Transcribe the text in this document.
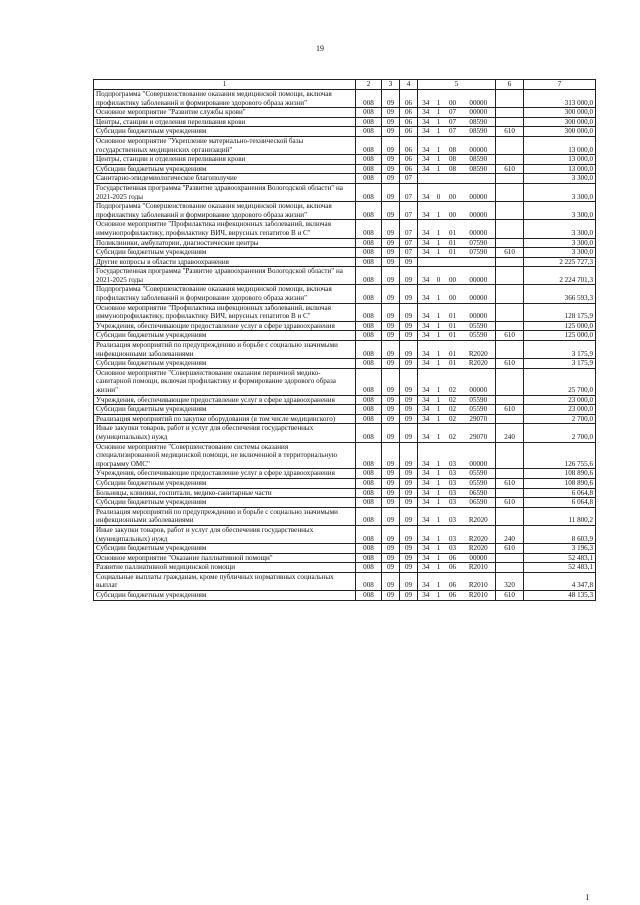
19
1	2	3	4	5				6	7
Подпрограмма "Совершенствование оказания медицинской помощи, включая профилактику заболеваний и формирование здорового образа жизни"	008	09	06	34	1	00	00000		313 000,0
Основное мероприятие "Развитие службы крови"	008	09	06	34	1	07	00000		300 000,0
Центры, станции и отделения переливания крови	008	09	06	34	1	07	08590		300 000,0
Субсидии бюджетным учреждениям	008	09	06	34	1	07	08590	610	300 000,0
Основное мероприятие "Укрепление материально-технической базы государственных медицинских организаций"	008	09	06	34	1	08	00000		13 000,0
Центры, станции и отделения переливания крови	008	09	06	34	1	08	08590		13 000,0
Субсидии бюджетным учреждениям	008	09	06	34	1	08	08590	610	13 000,0
Санитарно-эпидемиологическое благополучие	008	09	07						3 300,0
Государственная программа "Развитие здравоохранения Вологодской области" на 2021-2025 годы	008	09	07	34	0	00	00000		3 300,0
Подпрограмма "Совершенствование оказания медицинской помощи, включая профилактику заболеваний и формирование здорового образа жизни"	008	09	07	34	1	00	00000		3 300,0
Основное мероприятие "Профилактика инфекционных заболеваний, включая иммунопрофилактику, профилактику ВИЧ, вирусных гепатитов В и С"	008	09	07	34	1	01	00000		3 300,0
Поликлиники, амбулатории, диагностические центры	008	09	07	34	1	01	07590		3 300,0
Субсидии бюджетным учреждениям	008	09	07	34	1	01	07590	610	3 300,0
Другие вопросы в области здравоохранения	008	09	09						2 225 727,3
Государственная программа "Развитие здравоохранения Вологодской области" на 2021-2025 годы	008	09	09	34	0	00	00000		2 224 701,3
Подпрограмма "Совершенствование оказания медицинской помощи, включая профилактику заболеваний и формирование здорового образа жизни"	008	09	09	34	1	00	00000		366 593,3
Основное мероприятие "Профилактика инфекционных заболеваний, включая иммунопрофилактику, профилактику ВИЧ, вирусных гепатитов В и С"	008	09	09	34	1	01	00000		128 175,9
Учреждения, обеспечивающие предоставление услуг в сфере здравоохранения	008	09	09	34	1	01	05590		125 000,0
Субсидии бюджетным учреждениям	008	09	09	34	1	01	05590	610	125 000,0
Реализация мероприятий по предупреждению и борьбе с социально значимыми инфекционными заболеваниями	008	09	09	34	1	01	R2020		3 175,9
Субсидии бюджетным учреждениям	008	09	09	34	1	01	R2020	610	3 175,9
Основное мероприятие "Совершенствование оказания первичной медико-санитарной помощи, включая профилактику и формирование здорового образа жизни"	008	09	09	34	1	02	00000		25 700,0
Учреждения, обеспечивающие предоставление услуг в сфере здравоохранения	008	09	09	34	1	02	05590		23 000,0
Субсидии бюджетным учреждениям	008	09	09	34	1	02	05590	610	23 000,0
Реализация мероприятий по закупке оборудования (в том числе медицинского)	008	09	09	34	1	02	29070		2 700,0
Иные закупки товаров, работ и услуг для обеспечения государственных (муниципальных) нужд	008	09	09	34	1	02	29070	240	2 700,0
Основное мероприятие "Совершенствование системы оказания специализированной медицинской помощи, не включенной в территориальную программу ОМС"	008	09	09	34	1	03	00000		126 755,6
Учреждения, обеспечивающие предоставление услуг в сфере здравоохранения	008	09	09	34	1	03	05590		108 890,6
Субсидии бюджетным учреждениям	008	09	09	34	1	03	05590	610	108 890,6
Больницы, клиники, госпитали, медико-санитарные части	008	09	09	34	1	03	06590		6 064,8
Субсидии бюджетным учреждениям	008	09	09	34	1	03	06590	610	6 064,8
Реализация мероприятий по предупреждению и борьбе с социально значимыми инфекционными заболеваниями	008	09	09	34	1	03	R2020		11 800,2
Иные закупки товаров, работ и услуг для обеспечения государственных (муниципальных) нужд	008	09	09	34	1	03	R2020	240	8 603,9
Субсидии бюджетным учреждениям	008	09	09	34	1	03	R2020	610	3 196,3
Основное мероприятие "Оказание паллиативной помощи"	008	09	09	34	1	06	00000		52 483,1
Развитие паллиативной медицинской помощи	008	09	09	34	1	06	R2010		52 483,1
Социальные выплаты гражданам, кроме публичных нормативных социальных выплат	008	09	09	34	1	06	R2010	320	4 347,8
Субсидии бюджетным учреждениям	008	09	09	34	1	06	R2010	610	48 135,3
I
